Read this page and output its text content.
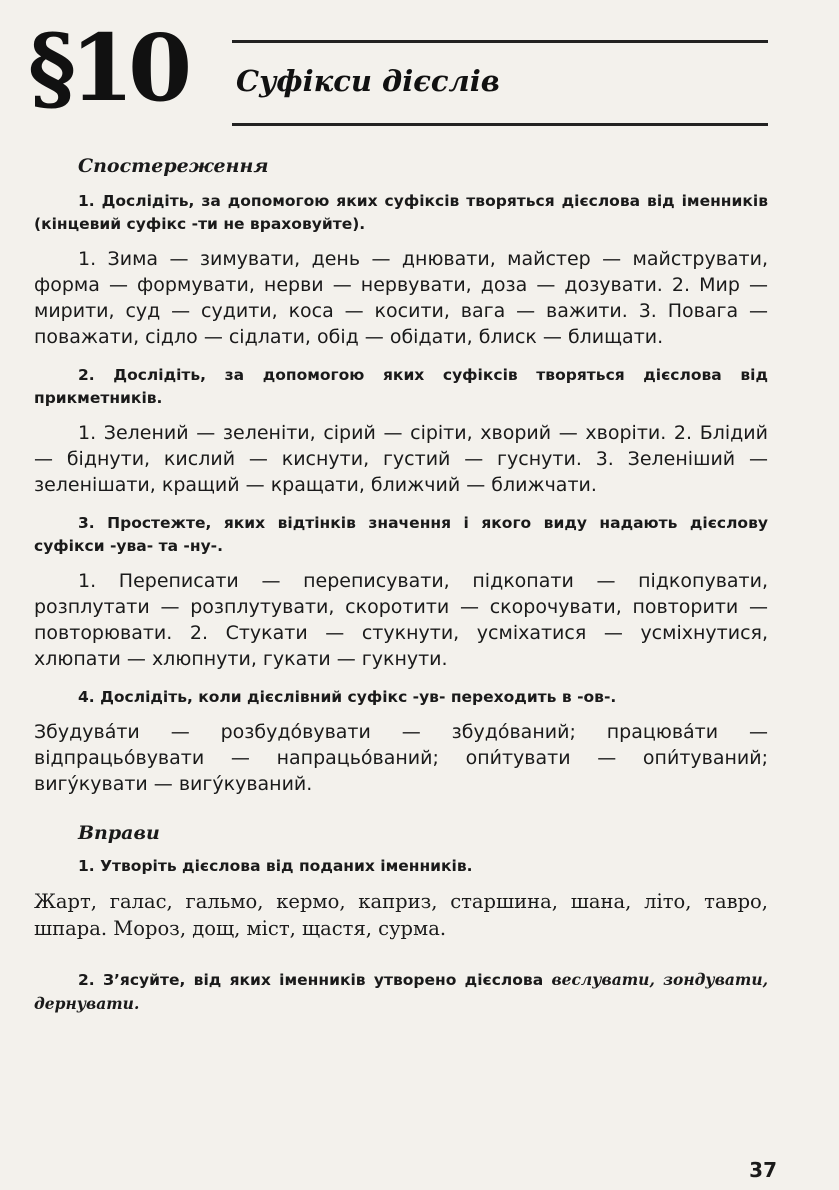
§10 Суфікси дієслів

Спостереження

1. Дослідіть, за допомогою яких суфіксів творяться дієслова від іменників (кінцевий суфікс -ти не враховуйте).

1. Зима — зимувати, день — днювати, майстер — майструвати, форма — формувати, нерви — нервувати, доза — дозувати. 2. Мир — мирити, суд — судити, коса — косити, вага — важити. 3. Повага — поважати, сідло — сідлати, обід — обідати, блиск — блищати.

2. Дослідіть, за допомогою яких суфіксів творяться дієслова від прикметників.

1. Зелений — зеленіти, сірий — сіріти, хворий — хворіти. 2. Блідий — біднути, кислий — киснути, густий — гуснути. 3. Зеленіший — зеленішати, кращий — кращати, ближчий — ближчати.

3. Простежте, яких відтінків значення і якого виду надають дієслову суфікси -ува- та -ну-.

1. Переписати — переписувати, підкопати — підкопувати, розплутати — розплутувати, скоротити — скорочувати, повторити — повторювати. 2. Стукати — стукнути, усміхатися — усміхнутися, хлюпати — хлюпнути, гукати — гукнути.

4. Дослідіть, коли дієслівний суфікс -ув- переходить в -ов-.

Збудува́ти — розбудо́вувати — збудо́ваний; працюва́ти — відпрацьо́вувати — напрацьо́ваний; опи́тувати — опи́туваний; вигу́кувати — вигу́куваний.

Вправи

1. Утворіть дієслова від поданих іменників.

Жарт, галас, гальмо, кермо, каприз, старшина, шана, літо, тавро, шпара. Мороз, дощ, міст, щастя, сурма.

2. З’ясуйте, від яких іменників утворено дієслова веслувати, зондувати, дернувати.

37
